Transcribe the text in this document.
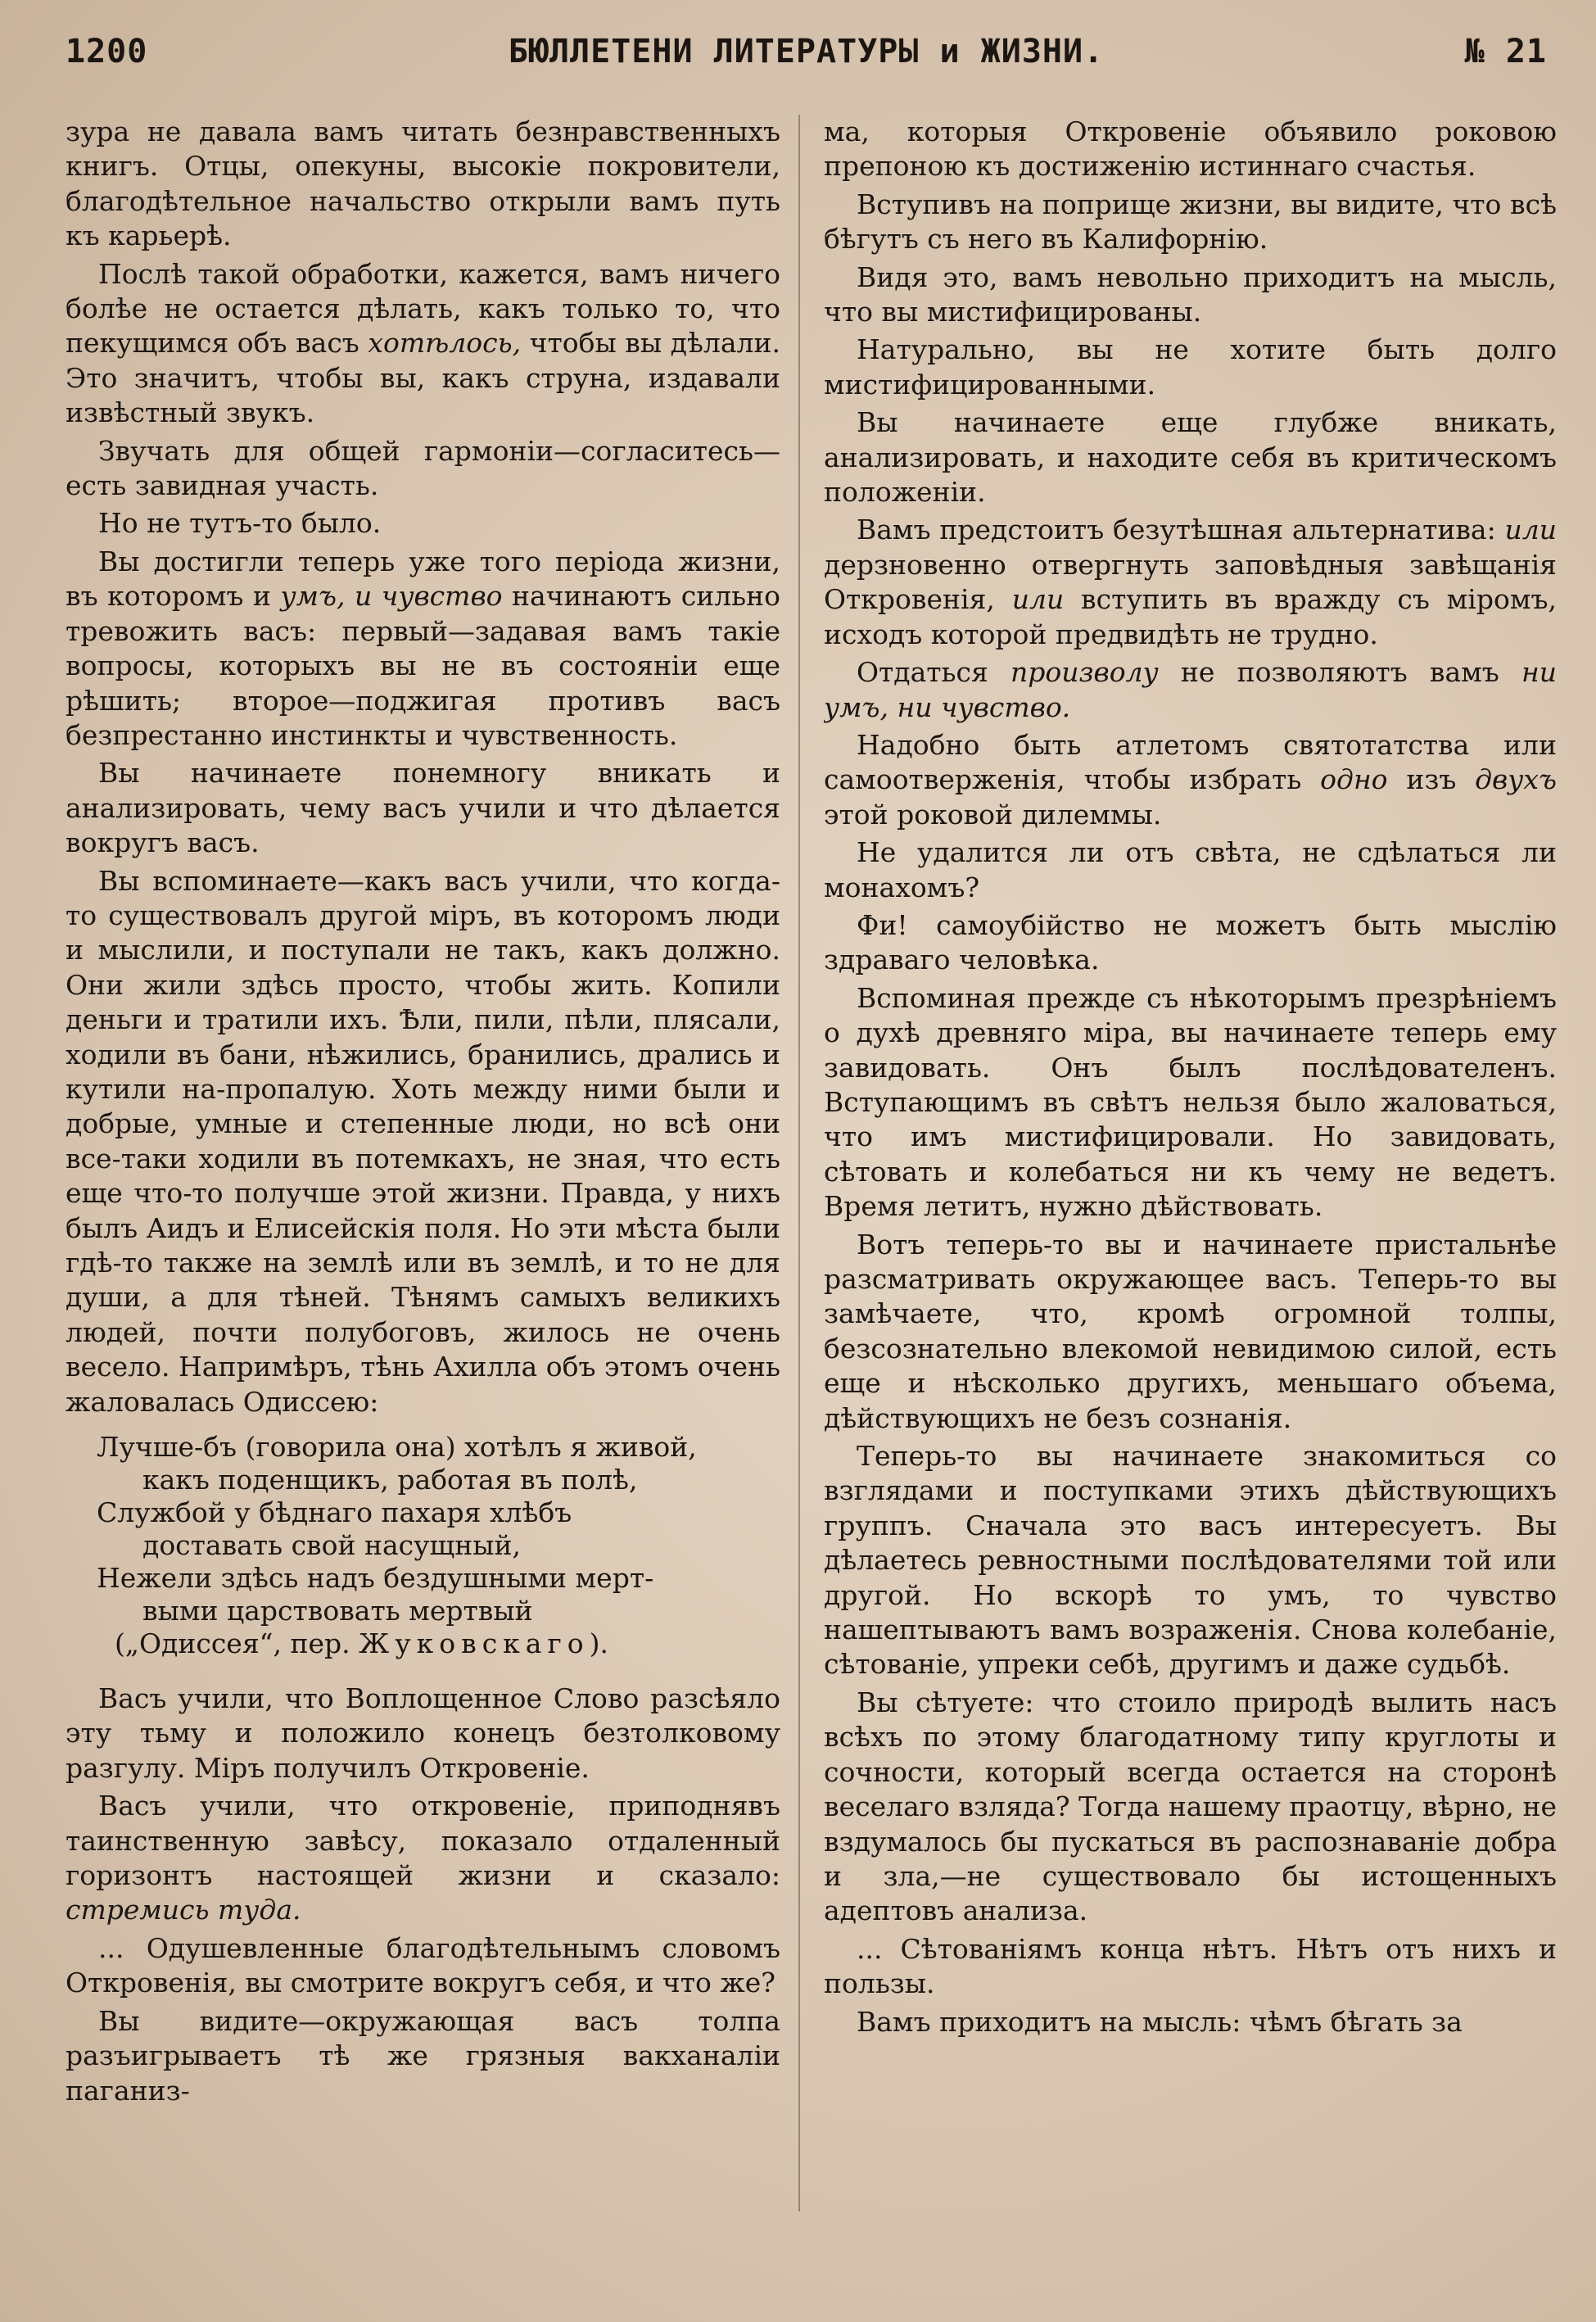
1200	БЮЛЛЕТЕНИ ЛИТЕРАТУРЫ и ЖИЗНИ.	№ 21

зура не давала вамъ читать безнравственныхъ книгъ. Отцы, опекуны, высокіе покровители, благодѣтельное начальство открыли вамъ путь къ карьерѣ.

Послѣ такой обработки, кажется, вамъ ничего болѣе не остается дѣлать, какъ только то, что пекущимся объ васъ хотѣлось, чтобы вы дѣлали. Это значитъ, чтобы вы, какъ струна, издавали извѣстный звукъ.

Звучать для общей гармоніи—согласитесь—есть завидная участь.

Но не тутъ-то было.

Вы достигли теперь уже того періода жизни, въ которомъ и умъ, и чувство начинаютъ сильно тревожить васъ: первый—задавая вамъ такіе вопросы, которыхъ вы не въ состояніи еще рѣшить; второе—поджигая противъ васъ безпрестанно инстинкты и чувственность.

Вы начинаете понемногу вникать и анализировать, чему васъ учили и что дѣлается вокругъ васъ.

Вы вспоминаете—какъ васъ учили, что когда-то существовалъ другой міръ, въ которомъ люди и мыслили, и поступали не такъ, какъ должно. Они жили здѣсь просто, чтобы жить. Копили деньги и тратили ихъ. Ѣли, пили, пѣли, плясали, ходили въ бани, нѣжились, бранились, дрались и кутили на-пропалую. Хоть между ними были и добрые, умные и степенные люди, но всѣ они все-таки ходили въ потемкахъ, не зная, что есть еще что-то получше этой жизни. Правда, у нихъ былъ Аидъ и Елисейскія поля. Но эти мѣста были гдѣ-то также на землѣ или въ землѣ, и то не для души, а для тѣней. Тѣнямъ самыхъ великихъ людей, почти полубоговъ, жилось не очень весело. Напримѣръ, тѣнь Ахилла объ этомъ очень жаловалась Одиссею:

Лучше-бъ (говорила она) хотѣлъ я живой,
какъ поденщикъ, работая въ полѣ,
Службой у бѣднаго пахаря хлѣбъ
доставать свой насущный,
Нежели здѣсь надъ бездушными мерт-
выми царствовать мертвый
(„Одиссея“, пер. Жуковскаго).

Васъ учили, что Воплощенное Слово разсѣяло эту тьму и положило конецъ безтолковому разгулу. Міръ получилъ Откровеніе.

Васъ учили, что откровеніе, приподнявъ таинственную завѣсу, показало отдаленный горизонтъ настоящей жизни и сказало: стремись туда.

... Одушевленные благодѣтельнымъ словомъ Откровенія, вы смотрите вокругъ себя, и что же?

Вы видите—окружающая васъ толпа разъигрываетъ тѣ же грязныя вакханаліи паганиз-

ма, которыя Откровеніе объявило роковою препоною къ достиженію истиннаго счастья.

Вступивъ на поприще жизни, вы видите, что всѣ бѣгутъ съ него въ Калифорнію.

Видя это, вамъ невольно приходитъ на мысль, что вы мистифицированы.

Натурально, вы не хотите быть долго мистифицированными.

Вы начинаете еще глубже вникать, анализировать, и находите себя въ критическомъ положеніи.

Вамъ предстоитъ безутѣшная альтернатива: или дерзновенно отвергнуть заповѣдныя завѣщанія Откровенія, или вступить въ вражду съ міромъ, исходъ которой предвидѣть не трудно.

Отдаться произволу не позволяютъ вамъ ни умъ, ни чувство.

Надобно быть атлетомъ святотатства или самоотверженія, чтобы избрать одно изъ двухъ этой роковой дилеммы.

Не удалится ли отъ свѣта, не сдѣлаться ли монахомъ?

Фи! самоубійство не можетъ быть мыслію здраваго человѣка.

Вспоминая прежде съ нѣкоторымъ презрѣніемъ о духѣ древняго міра, вы начинаете теперь ему завидовать. Онъ былъ послѣдователенъ. Вступающимъ въ свѣтъ нельзя было жаловаться, что имъ мистифицировали. Но завидовать, сѣтовать и колебаться ни къ чему не ведетъ. Время летитъ, нужно дѣйствовать.

Вотъ теперь-то вы и начинаете пристальнѣе разсматривать окружающее васъ. Теперь-то вы замѣчаете, что, кромѣ огромной толпы, безсознательно влекомой невидимою силой, есть еще и нѣсколько другихъ, меньшаго объема, дѣйствующихъ не безъ сознанія.

Теперь-то вы начинаете знакомиться со взглядами и поступками этихъ дѣйствующихъ группъ. Сначала это васъ интересуетъ. Вы дѣлаетесь ревностными послѣдователями той или другой. Но вскорѣ то умъ, то чувство нашептываютъ вамъ возраженія. Снова колебаніе, сѣтованіе, упреки себѣ, другимъ и даже судьбѣ.

Вы сѣтуете: что стоило природѣ вылить насъ всѣхъ по этому благодатному типу круглоты и сочности, который всегда остается на сторонѣ веселаго взляда? Тогда нашему праотцу, вѣрно, не вздумалось бы пускаться въ распознаваніе добра и зла,—не существовало бы истощенныхъ адептовъ анализа.

... Сѣтованіямъ конца нѣтъ. Нѣтъ отъ нихъ и пользы.

Вамъ приходитъ на мысль: чѣмъ бѣгать за
